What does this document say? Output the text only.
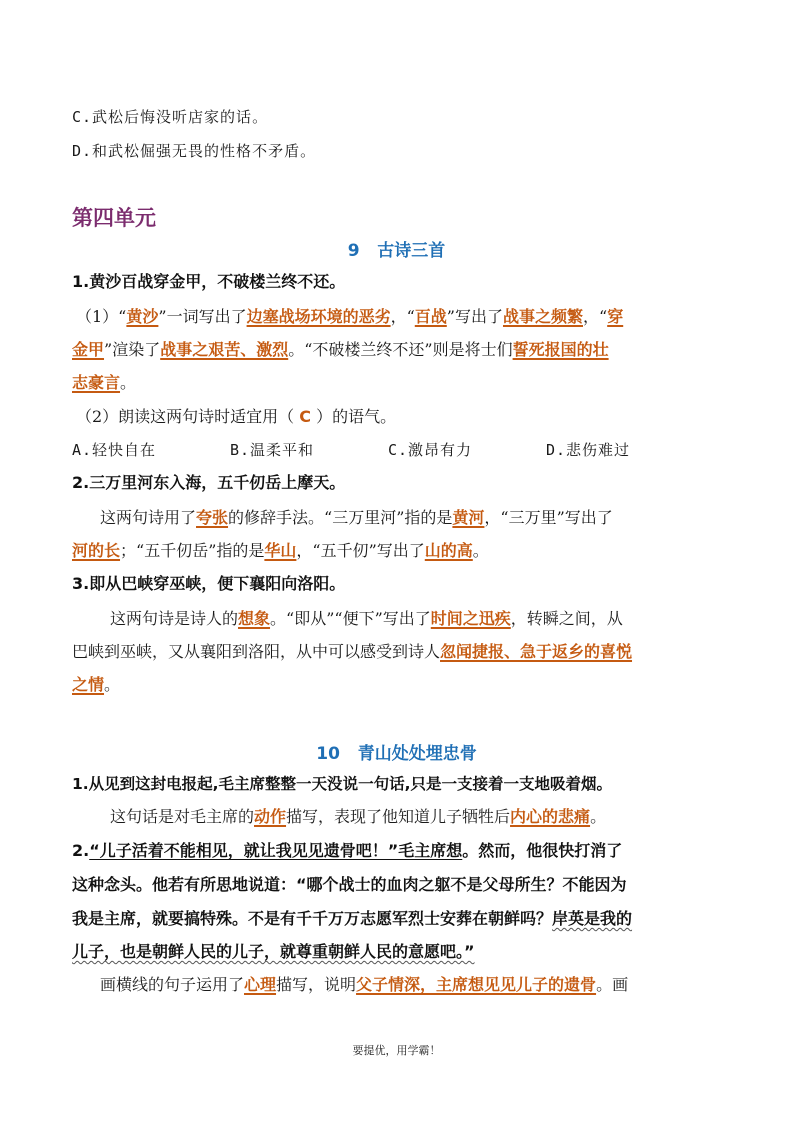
C.武松后悔没听店家的话。
D.和武松倔强无畏的性格不矛盾。
第四单元
9   古诗三首
1.黄沙百战穿金甲，不破楼兰终不还。
（1）“黄沙”一词写出了边塞战场环境的恶劣，“百战”写出了战事之频繁，“穿
金甲”渲染了战事之艰苦、激烈。“不破楼兰终不还”则是将士们誓死报国的壮
志豪言。
（2）朗读这两句诗时适宜用（ C ）的语气。
A.轻快自在	B.温柔平和	C.激昂有力	D.悲伤难过
2.三万里河东入海，五千仞岳上摩天。
这两句诗用了夸张的修辞手法。“三万里河”指的是黄河，“三万里”写出了
河的长；“五千仞岳”指的是华山，“五千仞”写出了山的高。
3.即从巴峡穿巫峡，便下襄阳向洛阳。
这两句诗是诗人的想象。“即从”“便下”写出了时间之迅疾，转瞬之间，从
巴峡到巫峡，又从襄阳到洛阳，从中可以感受到诗人忽闻捷报、急于返乡的喜悦
之情。
10   青山处处埋忠骨
1.从见到这封电报起,毛主席整整一天没说一句话,只是一支接着一支地吸着烟。
这句话是对毛主席的动作描写，表现了他知道儿子牺牲后内心的悲痛。
2.“儿子活着不能相见，就让我见见遗骨吧！”毛主席想。然而，他很快打消了
这种念头。他若有所思地说道：“哪个战士的血肉之躯不是父母所生？不能因为
我是主席，就要搞特殊。不是有千千万万志愿军烈士安葬在朝鲜吗？岸英是我的
儿子，也是朝鲜人民的儿子，就尊重朝鲜人民的意愿吧。”
画横线的句子运用了心理描写，说明父子情深，主席想见见儿子的遗骨。画
要提优，用学霸！
